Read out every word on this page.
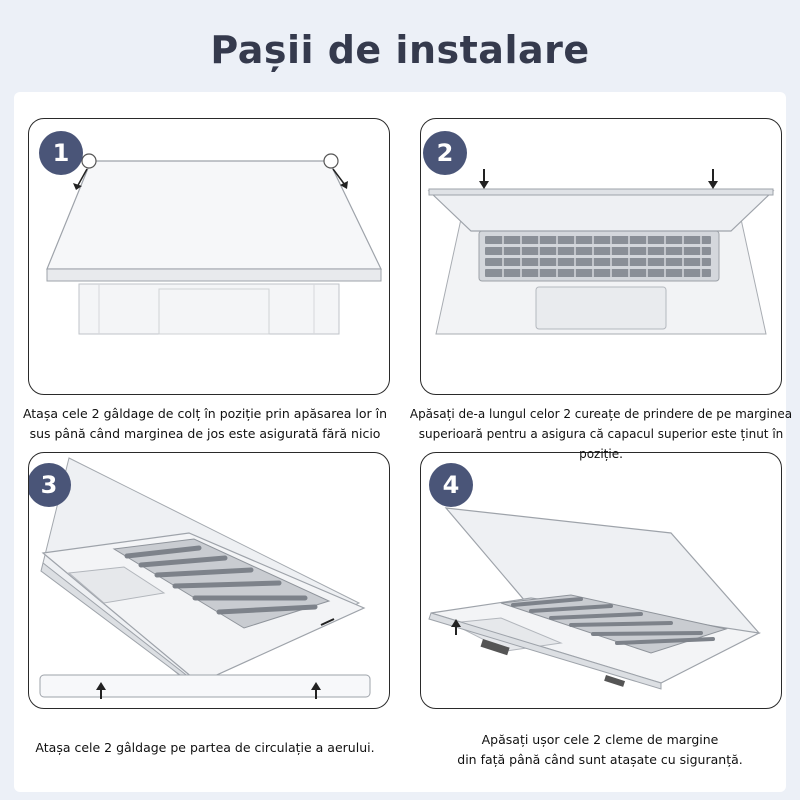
Pașii de instalare
1	2
3	4
Atașa cele 2 gâldage de colț în poziție prin apăsarea lor în
sus până când marginea de jos este asigurată fără nicio
Apăsați de-a lungul celor 2 cureațe de prindere de pe marginea
superioară pentru a asigura că capacul superior este ținut în poziție.
Atașa cele 2 gâldage pe partea de circulație a aerului.
Apăsați ușor cele 2 cleme de margine
din față până când sunt atașate cu siguranță.
